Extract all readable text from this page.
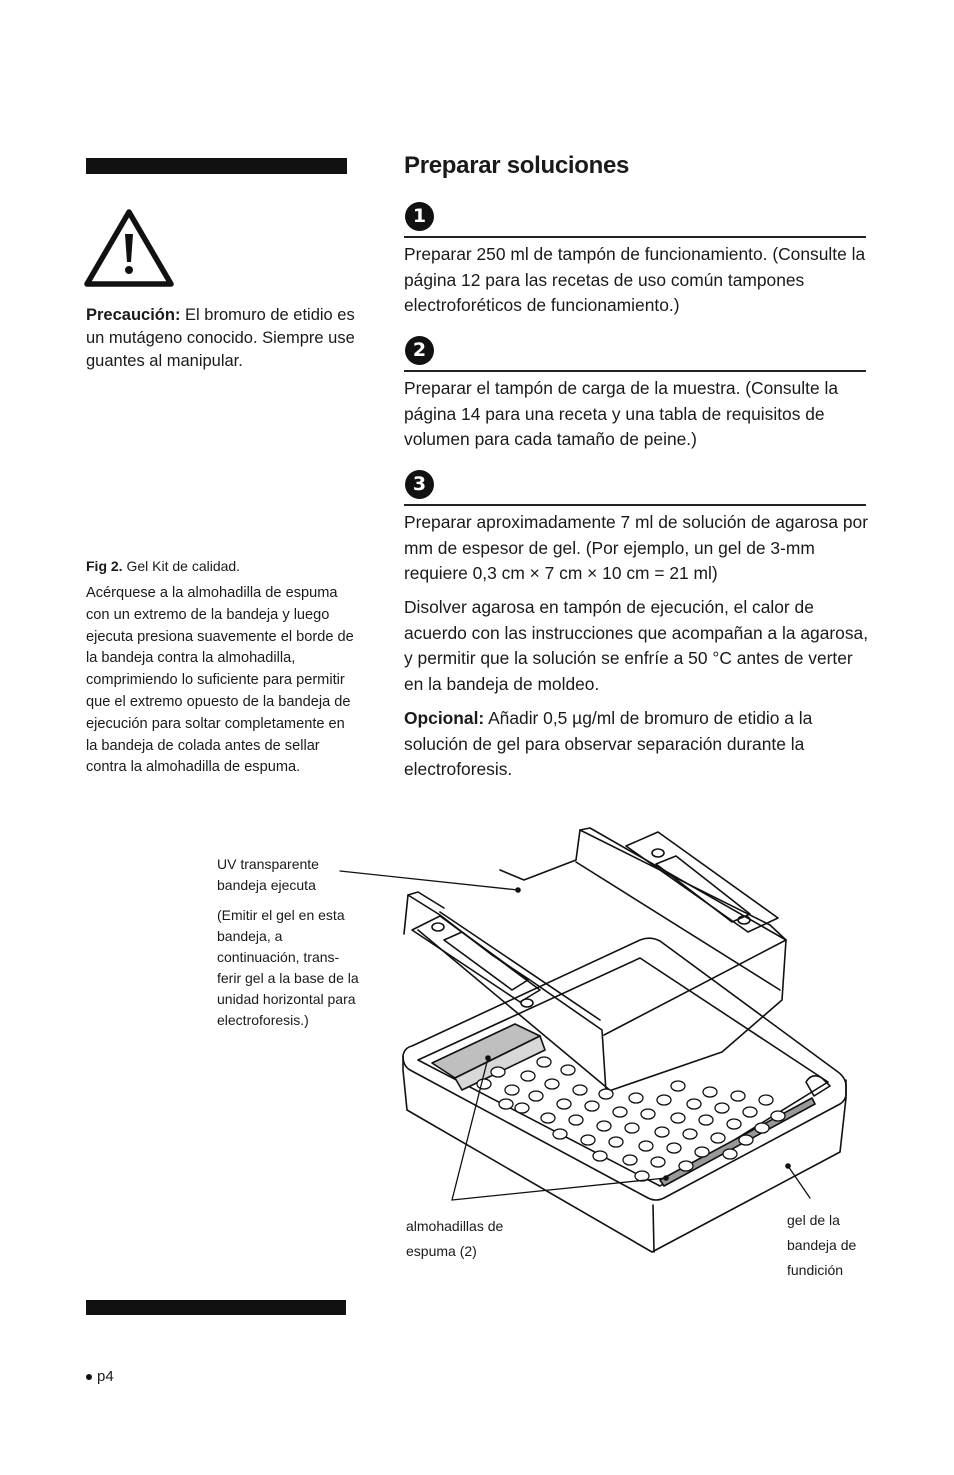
Precaución: El bromuro de etidio es un mutágeno conocido. Siempre use guantes al manipular.
Fig 2. Gel Kit de calidad.
Acérquese a la almohadilla de espuma con un extremo de la bandeja y luego ejecuta presiona suavemente el borde de la bandeja contra la almohadilla, comprimiendo lo suficiente para permitir que el extremo opuesto de la bandeja de ejecución para soltar completamente en la bandeja de colada antes de sellar contra la almohadilla de espuma.
Preparar soluciones
1
Preparar 250 ml de tampón de funcionamiento. (Consulte la página 12 para las recetas de uso común tampones electroforéticos de funcionamiento.)
2
Preparar el tampón de carga de la muestra. (Consulte la página 14 para una receta y una tabla de requisitos de volumen para cada tamaño de peine.)
3
Preparar aproximadamente 7 ml de solución de agarosa por mm de espesor de gel. (Por ejemplo, un gel de 3-mm requiere 0,3 cm × 7 cm × 10 cm = 21 ml)
Disolver agarosa en tampón de ejecución, el calor de acuerdo con las instrucciones que acompañan a la agarosa, y permitir que la solución se enfríe a 50 °C antes de verter en la bandeja de moldeo.
Opcional: Añadir 0,5 µg/ml de bromuro de etidio a la solución de gel para observar separación durante la electroforesis.
UV transparente
bandeja ejecuta
(Emitir el gel en esta bandeja, a continuación, trans-ferir gel a la base de la unidad horizontal para electroforesis.)
almohadillas de
espuma (2)
gel de la
bandeja de
fundición
p4
